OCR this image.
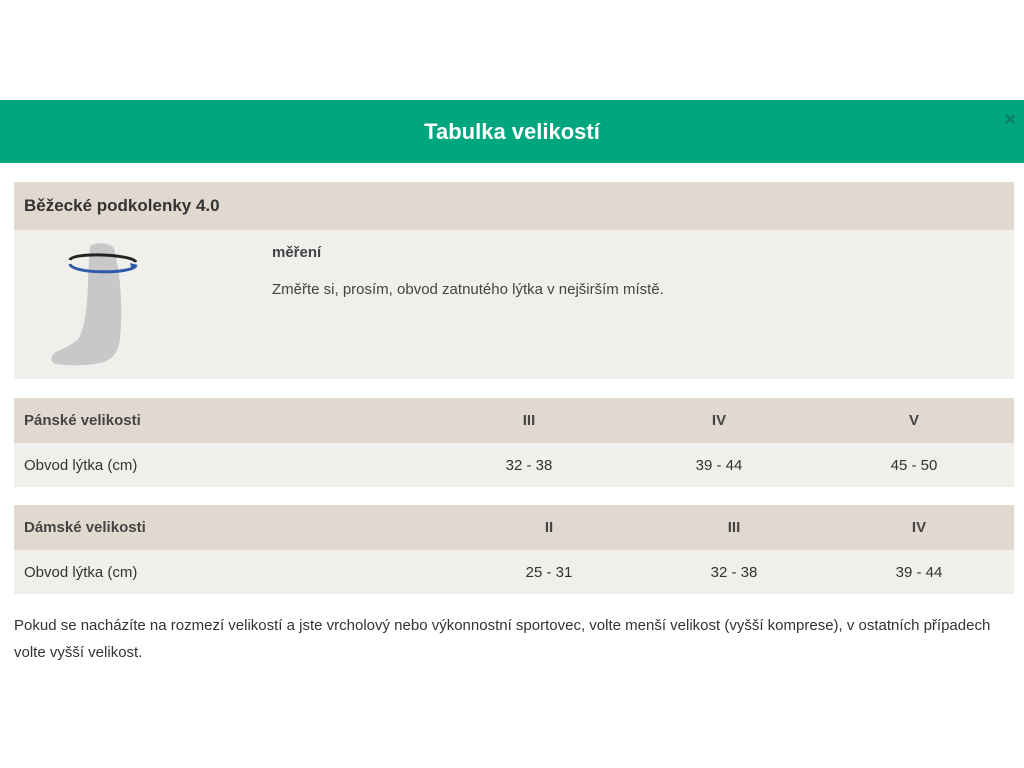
Tabulka velikostí	×
Běžecké podkolenky 4.0
měření
Změřte si, prosím, obvod zatnutého lýtka v nejširším místě.
Pánské velikosti	III	IV	V
Obvod lýtka (cm)	32 - 38	39 - 44	45 - 50
Dámské velikosti	II	III	IV
Obvod lýtka (cm)	25 - 31	32 - 38	39 - 44
Pokud se nacházíte na rozmezí velikostí a jste vrcholový nebo výkonnostní sportovec, volte menší velikost (vyšší komprese), v ostatních případech volte vyšší velikost.
